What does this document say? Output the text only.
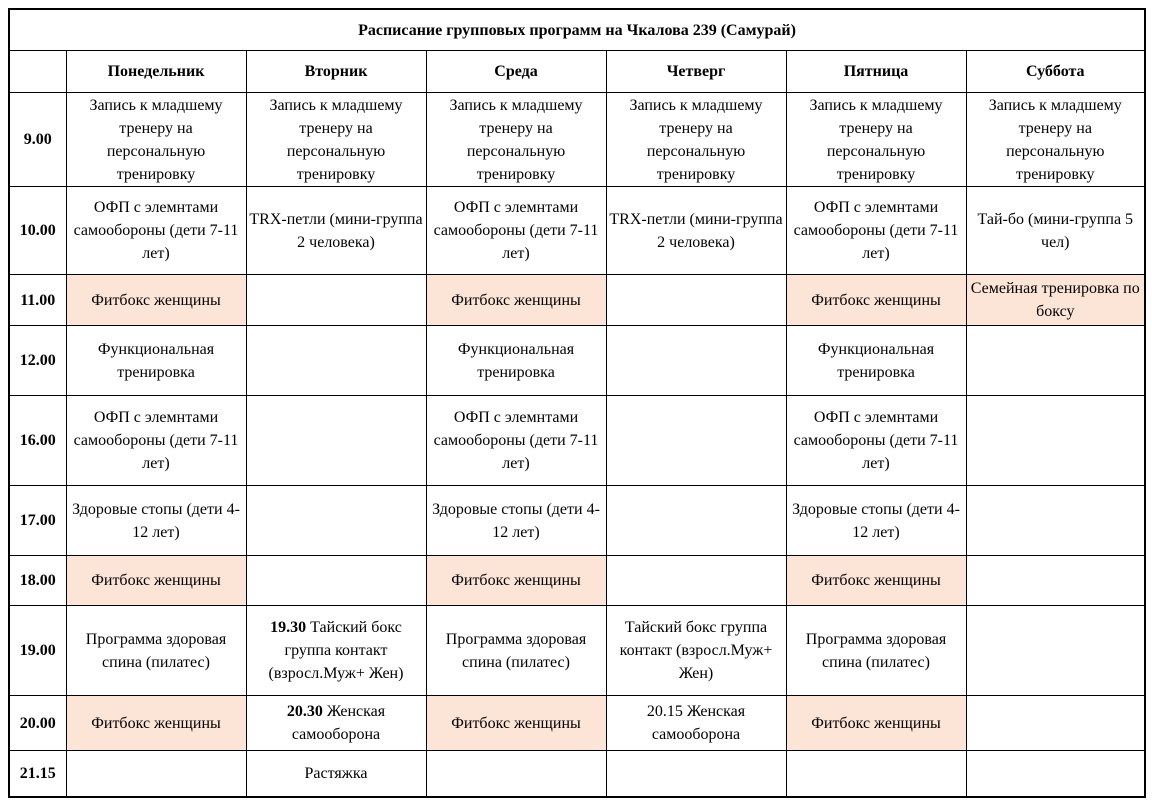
Расписание групповых программ на Чкалова 239 (Самурай)						
	Понедельник	Вторник	Среда	Четверг	Пятница	Суббота
9.00	Запись к младшему тренеру на персональную тренировку	Запись к младшему тренеру на персональную тренировку	Запись к младшему тренеру на персональную тренировку	Запись к младшему тренеру на персональную тренировку	Запись к младшему тренеру на персональную тренировку	Запись к младшему тренеру на персональную тренировку
10.00	ОФП с элемнтами самообороны (дети 7-11 лет)	TRX-петли (мини-группа 2 человека)	ОФП с элемнтами самообороны (дети 7-11 лет)	TRX-петли (мини-группа 2 человека)	ОФП с элемнтами самообороны (дети 7-11 лет)	Тай-бо (мини-группа 5 чел)
11.00	Фитбокс женщины		Фитбокс женщины		Фитбокс женщины	Семейная тренировка по боксу
12.00	Функциональная тренировка		Функциональная тренировка		Функциональная тренировка	
16.00	ОФП с элемнтами самообороны (дети 7-11 лет)		ОФП с элемнтами самообороны (дети 7-11 лет)		ОФП с элемнтами самообороны (дети 7-11 лет)	
17.00	Здоровые стопы (дети 4-12 лет)		Здоровые стопы (дети 4-12 лет)		Здоровые стопы (дети 4-12 лет)	
18.00	Фитбокс женщины		Фитбокс женщины		Фитбокс женщины	
19.00	Программа здоровая спина (пилатес)	19.30 Тайский бокс группа контакт (взросл.Муж+ Жен)	Программа здоровая спина (пилатес)	Тайский бокс группа контакт (взросл.Муж+ Жен)	Программа здоровая спина (пилатес)	
20.00	Фитбокс женщины	20.30 Женская самооборона	Фитбокс женщины	20.15 Женская самооборона	Фитбокс женщины	
21.15		Растяжка				
